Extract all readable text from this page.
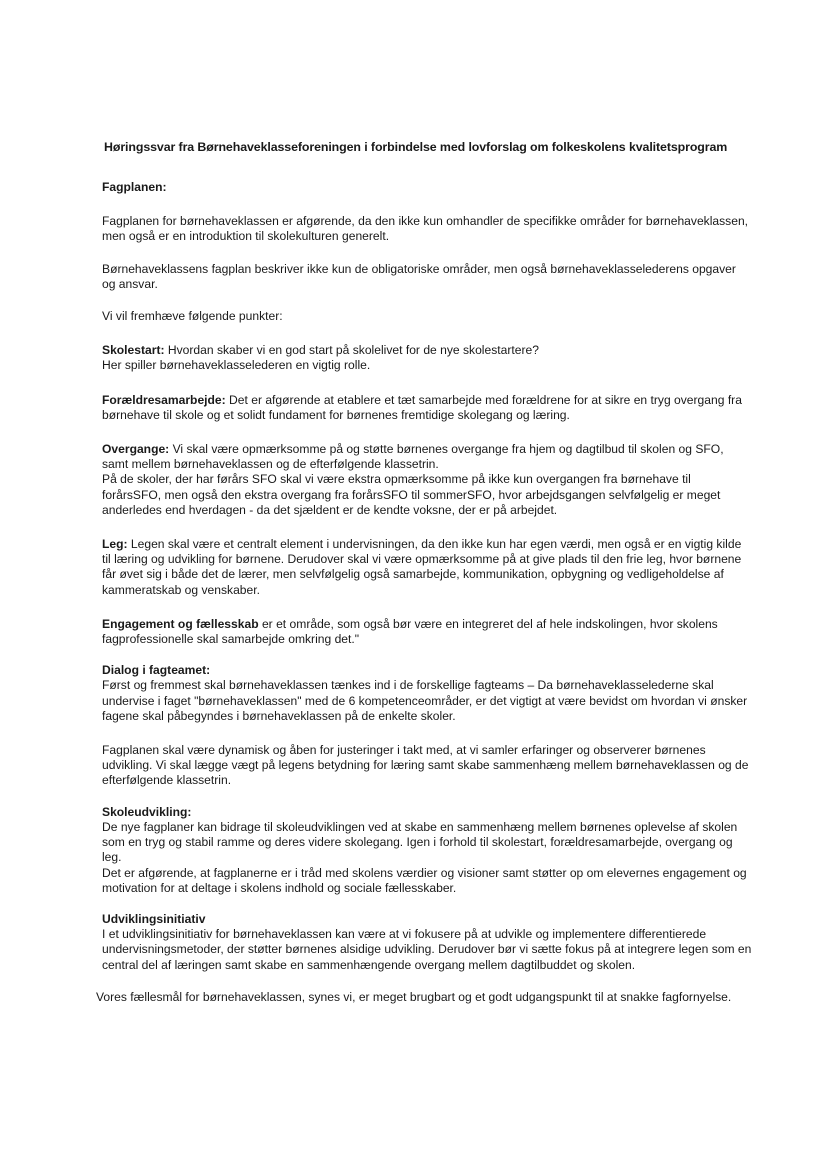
Høringssvar fra Børnehaveklasseforeningen i forbindelse med lovforslag om folkeskolens kvalitetsprogram

Fagplanen:

Fagplanen for børnehaveklassen er afgørende, da den ikke kun omhandler de specifikke områder for børnehaveklassen, men også er en introduktion til skolekulturen generelt.

Børnehaveklassens fagplan beskriver ikke kun de obligatoriske områder, men også børnehaveklasselederens opgaver og ansvar.

Vi vil fremhæve følgende punkter:

Skolestart: Hvordan skaber vi en god start på skolelivet for de nye skolestartere?

Her spiller børnehaveklasselederen en vigtig rolle.

Forældresamarbejde: Det er afgørende at etablere et tæt samarbejde med forældrene for at sikre en tryg overgang fra børnehave til skole og et solidt fundament for børnenes fremtidige skolegang og læring.

Overgange: Vi skal være opmærksomme på og støtte børnenes overgange fra hjem og dagtilbud til skolen og SFO, samt mellem børnehaveklassen og de efterfølgende klassetrin.

På de skoler, der har førårs SFO skal vi være ekstra opmærksomme på ikke kun overgangen fra børnehave til forårsSFO, men også den ekstra overgang fra forårsSFO til sommerSFO, hvor arbejdsgangen selvfølgelig er meget anderledes end hverdagen - da det sjældent er de kendte voksne, der er på arbejdet.

Leg: Legen skal være et centralt element i undervisningen, da den ikke kun har egen værdi, men også er en vigtig kilde til læring og udvikling for børnene. Derudover skal vi være opmærksomme på at give plads til den frie leg, hvor børnene får øvet sig i både det de lærer, men selvfølgelig også samarbejde, kommunikation, opbygning og vedligeholdelse af kammeratskab og venskaber.

Engagement og fællesskab er et område, som også bør være en integreret del af hele indskolingen, hvor skolens fagprofessionelle skal samarbejde omkring det."

Dialog i fagteamet:

Først og fremmest skal børnehaveklassen tænkes ind i de forskellige fagteams – Da børnehaveklasselederne skal undervise i faget "børnehaveklassen" med de 6 kompetenceområder, er det vigtigt at være bevidst om hvordan vi ønsker fagene skal påbegyndes i børnehaveklassen på de enkelte skoler.

Fagplanen skal være dynamisk og åben for justeringer i takt med, at vi samler erfaringer og observerer børnenes udvikling. Vi skal lægge vægt på legens betydning for læring samt skabe sammenhæng mellem børnehaveklassen og de efterfølgende klassetrin.

Skoleudvikling:

De nye fagplaner kan bidrage til skoleudviklingen ved at skabe en sammenhæng mellem børnenes oplevelse af skolen som en tryg og stabil ramme og deres videre skolegang. Igen i forhold til skolestart, forældresamarbejde, overgang og leg.

Det er afgørende, at fagplanerne er i tråd med skolens værdier og visioner samt støtter op om elevernes engagement og motivation for at deltage i skolens indhold og sociale fællesskaber.

Udviklingsinitiativ

I et udviklingsinitiativ for børnehaveklassen kan være at vi fokusere på at udvikle og implementere differentierede undervisningsmetoder, der støtter børnenes alsidige udvikling. Derudover bør vi sætte fokus på at integrere legen som en central del af læringen samt skabe en sammenhængende overgang mellem dagtilbuddet og skolen.

Vores fællesmål for børnehaveklassen, synes vi, er meget brugbart og et godt udgangspunkt til at snakke fagfornyelse.
